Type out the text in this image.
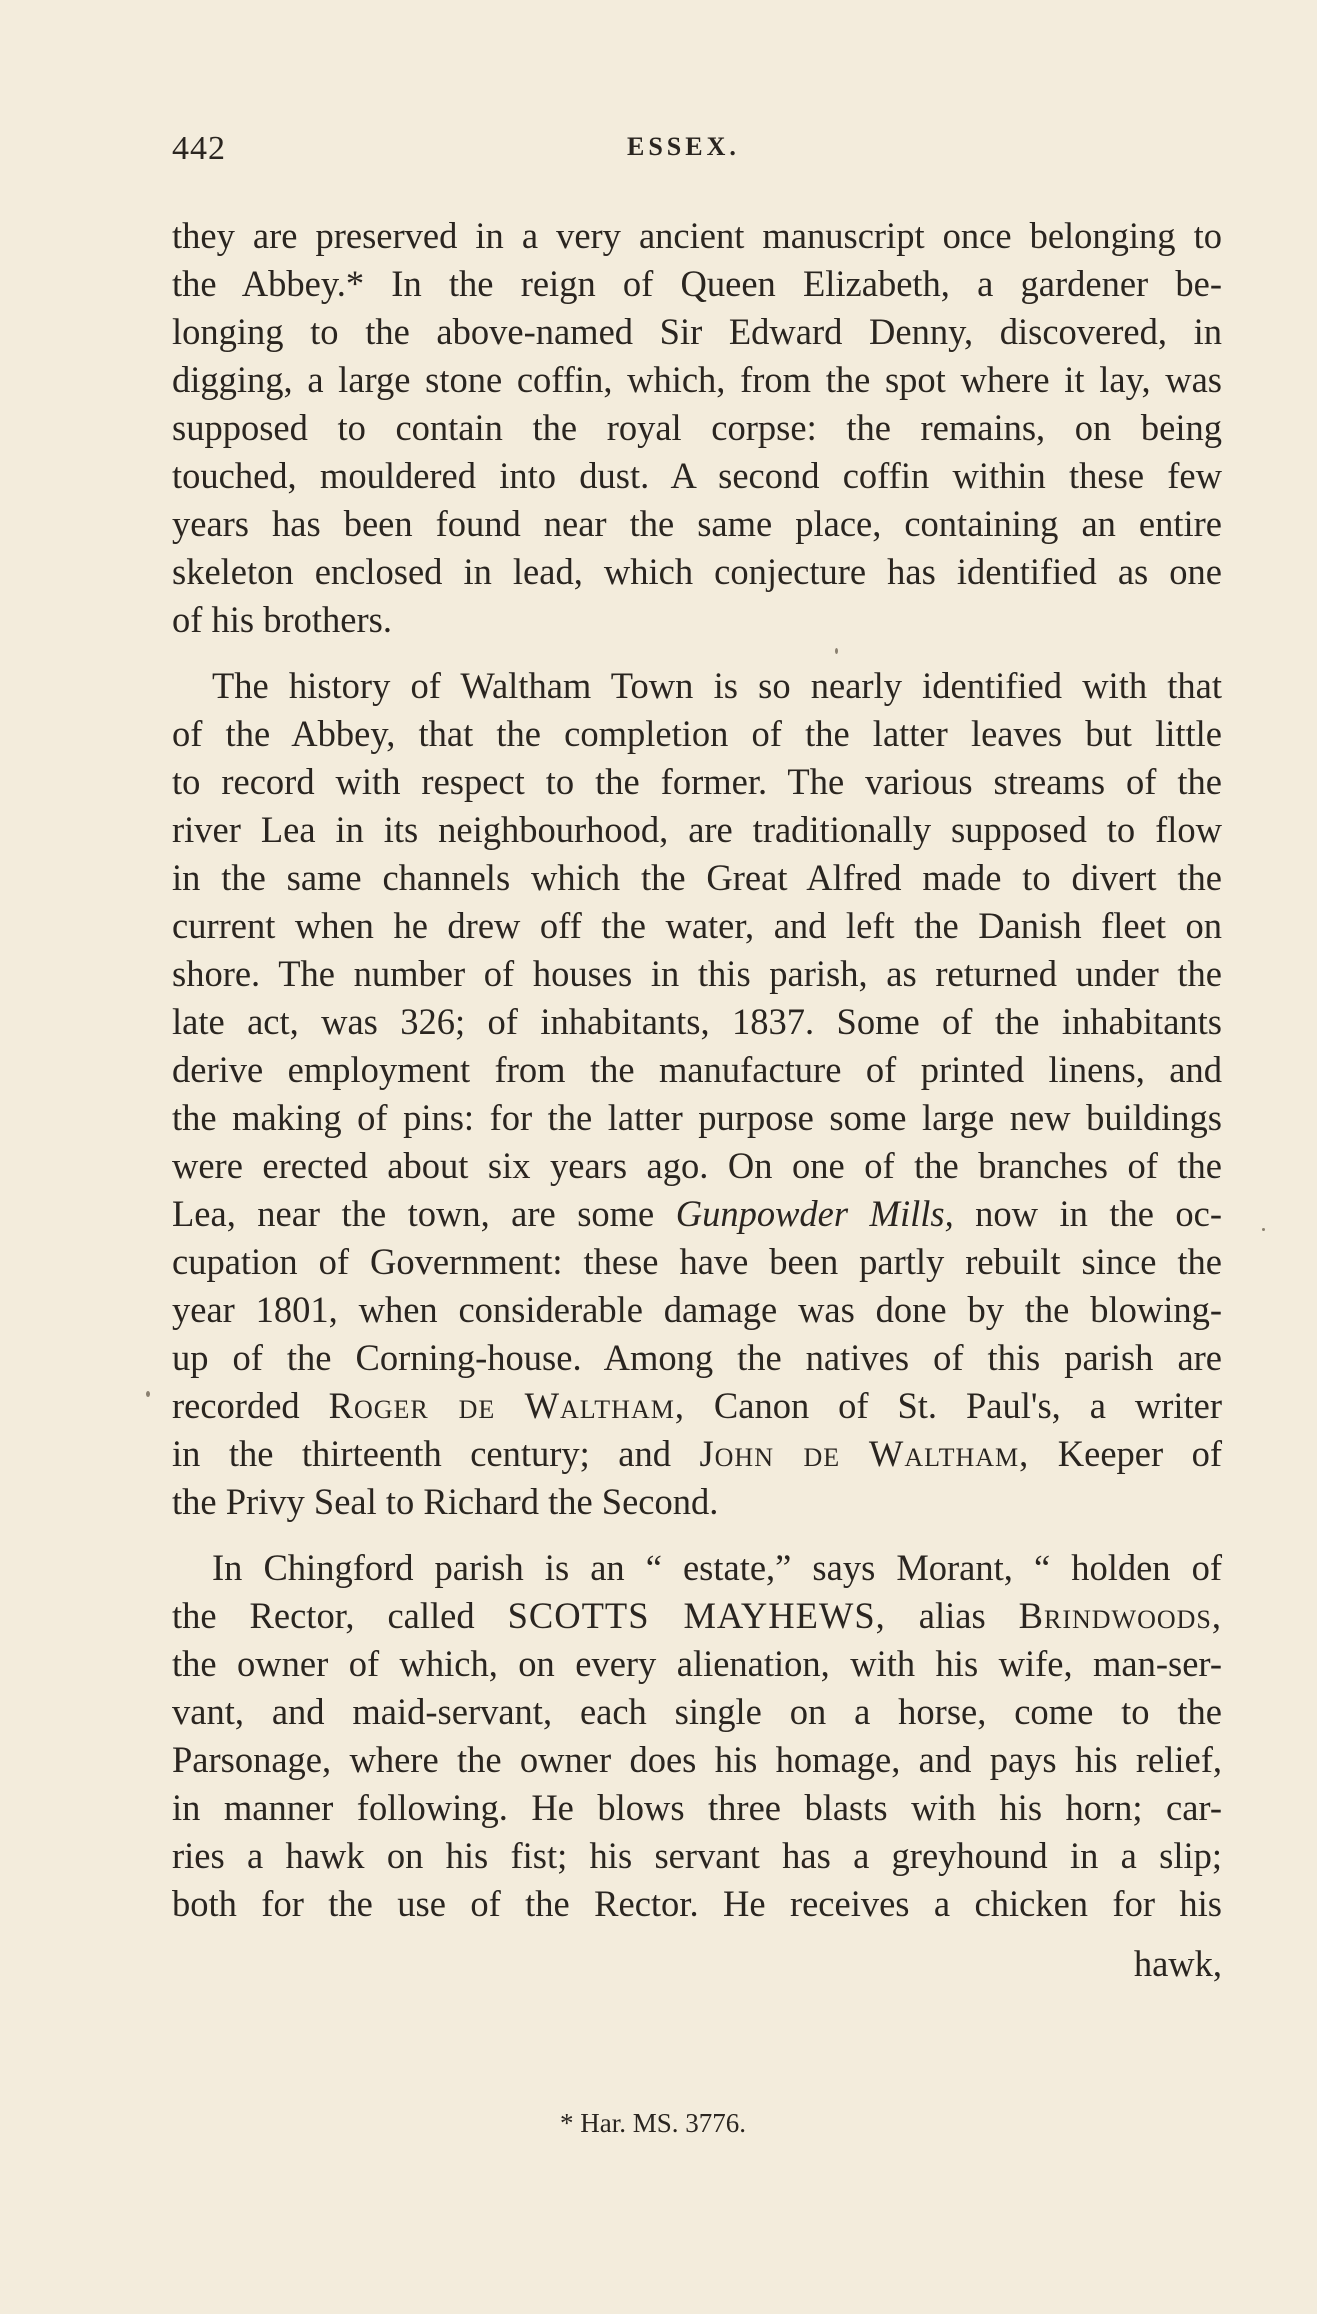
442	ESSEX.
they are preserved in a very ancient manuscript once belonging to
the Abbey.* In the reign of Queen Elizabeth, a gardener be-
longing to the above-named Sir Edward Denny, discovered, in
digging, a large stone coffin, which, from the spot where it lay, was
supposed to contain the royal corpse: the remains, on being
touched, mouldered into dust. A second coffin within these few
years has been found near the same place, containing an entire
skeleton enclosed in lead, which conjecture has identified as one
of his brothers.
The history of Waltham Town is so nearly identified with that
of the Abbey, that the completion of the latter leaves but little
to record with respect to the former. The various streams of the
river Lea in its neighbourhood, are traditionally supposed to flow
in the same channels which the Great Alfred made to divert the
current when he drew off the water, and left the Danish fleet on
shore. The number of houses in this parish, as returned under the
late act, was 326; of inhabitants, 1837. Some of the inhabitants
derive employment from the manufacture of printed linens, and
the making of pins: for the latter purpose some large new buildings
were erected about six years ago. On one of the branches of the
Lea, near the town, are some Gunpowder Mills, now in the oc-
cupation of Government: these have been partly rebuilt since the
year 1801, when considerable damage was done by the blowing-
up of the Corning-house. Among the natives of this parish are
recorded Roger de Waltham, Canon of St. Paul's, a writer
in the thirteenth century; and John de Waltham, Keeper of
the Privy Seal to Richard the Second.
In Chingford parish is an “ estate,” says Morant, “ holden of
the Rector, called SCOTTS MAYHEWS, alias Brindwoods,
the owner of which, on every alienation, with his wife, man-ser-
vant, and maid-servant, each single on a horse, come to the
Parsonage, where the owner does his homage, and pays his relief,
in manner following. He blows three blasts with his horn; car-
ries a hawk on his fist; his servant has a greyhound in a slip;
both for the use of the Rector. He receives a chicken for his
hawk,
* Har. MS. 3776.
